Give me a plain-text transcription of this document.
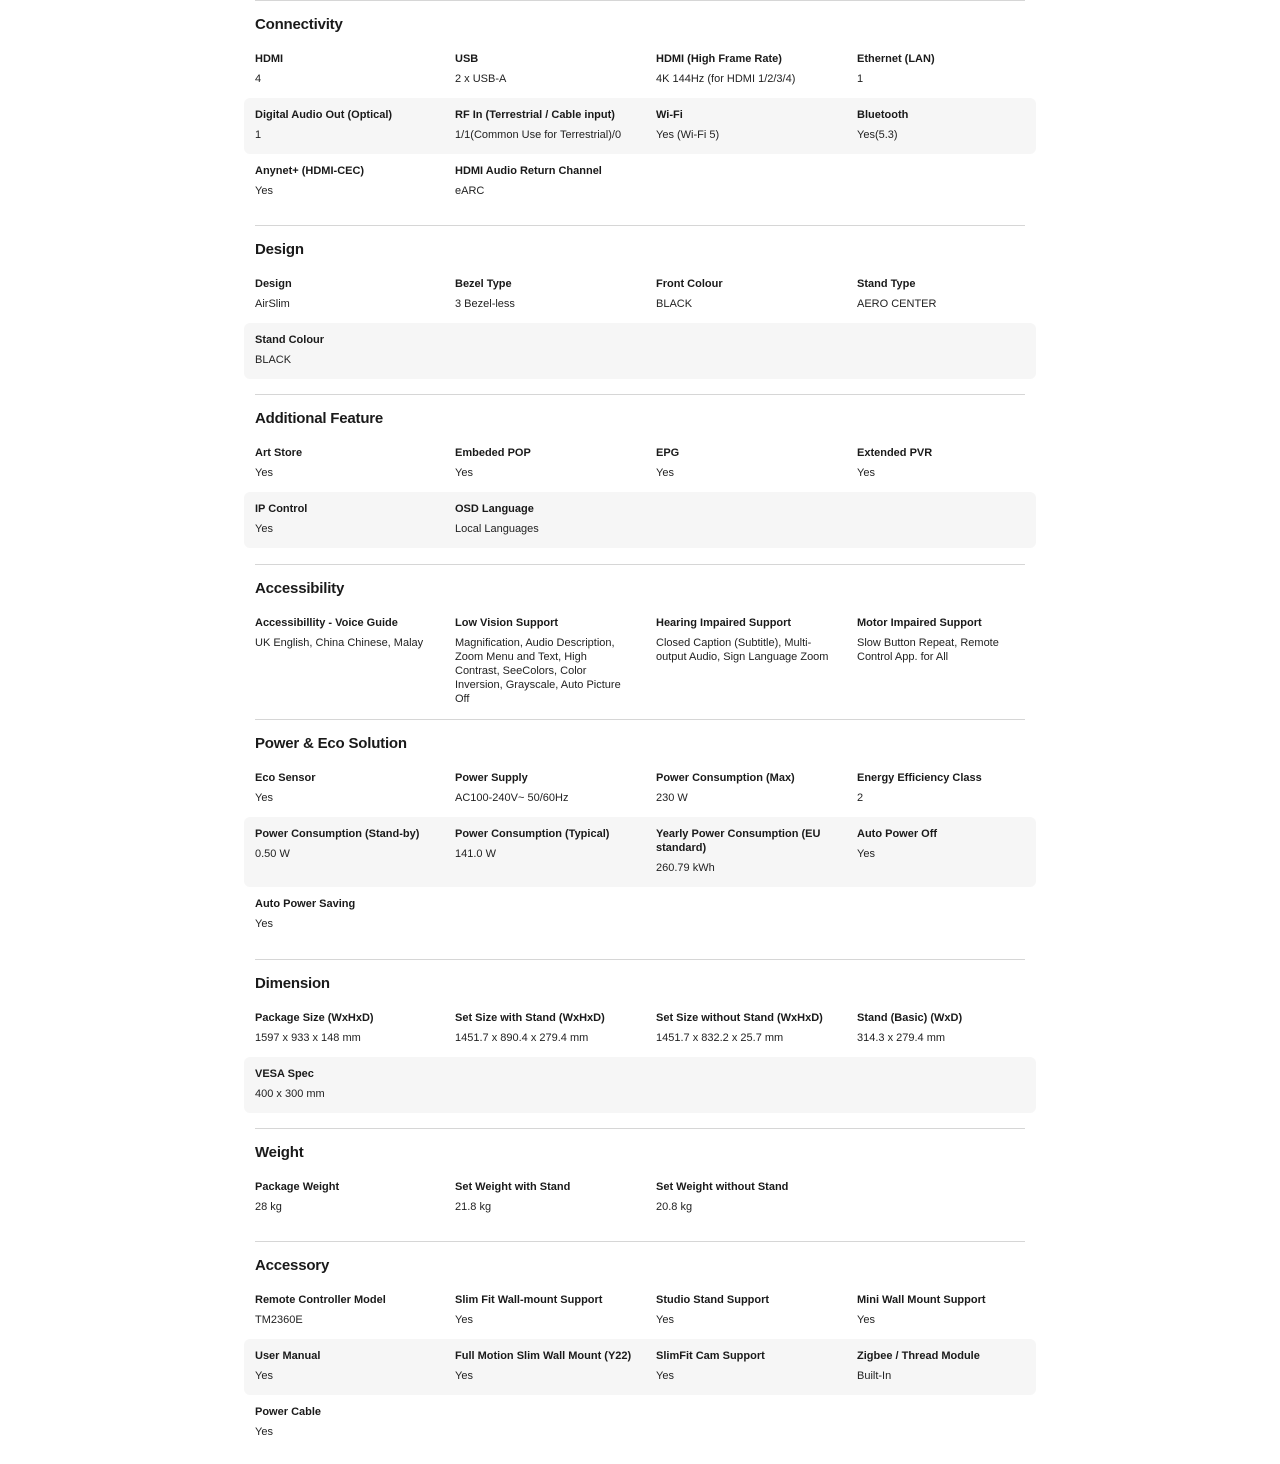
Connectivity
HDMI
4
USB
2 x USB-A
HDMI (High Frame Rate)
4K 144Hz (for HDMI 1/2/3/4)
Ethernet (LAN)
1
Digital Audio Out (Optical)
1
RF In (Terrestrial / Cable input)
1/1(Common Use for Terrestrial)/0
Wi-Fi
Yes (Wi-Fi 5)
Bluetooth
Yes(5.3)
Anynet+ (HDMI-CEC)
Yes
HDMI Audio Return Channel
eARC
Design
Design
AirSlim
Bezel Type
3 Bezel-less
Front Colour
BLACK
Stand Type
AERO CENTER
Stand Colour
BLACK
Additional Feature
Art Store
Yes
Embeded POP
Yes
EPG
Yes
Extended PVR
Yes
IP Control
Yes
OSD Language
Local Languages
Accessibility
Accessibillity - Voice Guide
UK English, China Chinese, Malay
Low Vision Support
Magnification, Audio Description, Zoom Menu and Text, High Contrast, SeeColors, Color Inversion, Grayscale, Auto Picture Off
Hearing Impaired Support
Closed Caption (Subtitle), Multi-output Audio, Sign Language Zoom
Motor Impaired Support
Slow Button Repeat, Remote Control App. for All
Power & Eco Solution
Eco Sensor
Yes
Power Supply
AC100-240V~ 50/60Hz
Power Consumption (Max)
230 W
Energy Efficiency Class
2
Power Consumption (Stand-by)
0.50 W
Power Consumption (Typical)
141.0 W
Yearly Power Consumption (EU standard)
260.79 kWh
Auto Power Off
Yes
Auto Power Saving
Yes
Dimension
Package Size (WxHxD)
1597 x 933 x 148 mm
Set Size with Stand (WxHxD)
1451.7 x 890.4 x 279.4 mm
Set Size without Stand (WxHxD)
1451.7 x 832.2 x 25.7 mm
Stand (Basic) (WxD)
314.3 x 279.4 mm
VESA Spec
400 x 300 mm
Weight
Package Weight
28 kg
Set Weight with Stand
21.8 kg
Set Weight without Stand
20.8 kg
Accessory
Remote Controller Model
TM2360E
Slim Fit Wall-mount Support
Yes
Studio Stand Support
Yes
Mini Wall Mount Support
Yes
User Manual
Yes
Full Motion Slim Wall Mount (Y22)
Yes
SlimFit Cam Support
Yes
Zigbee / Thread Module
Built-In
Power Cable
Yes
